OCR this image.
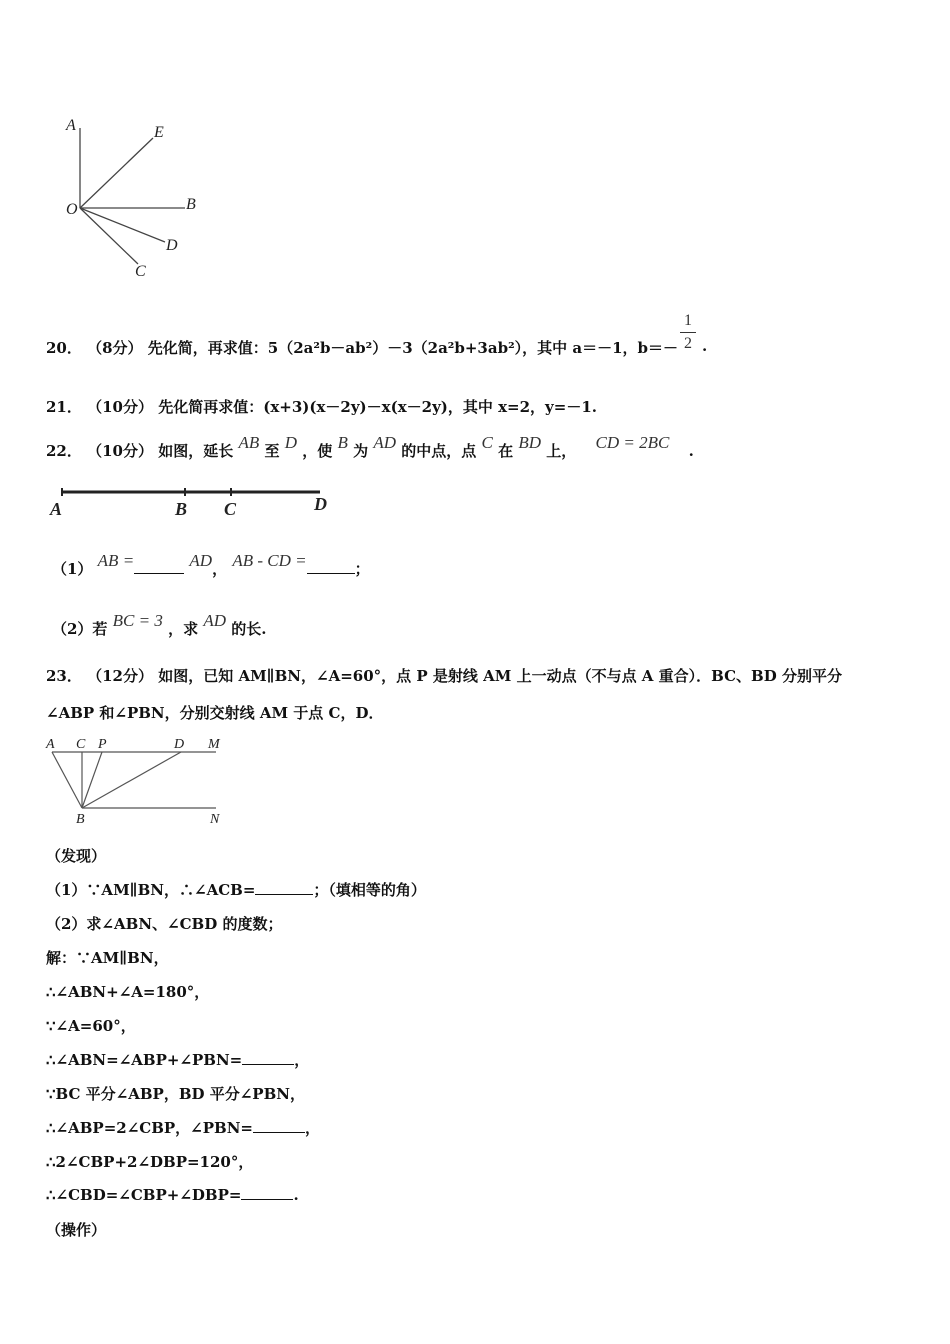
A	E
O	B
D
C
20． （8分） 先化简，再求值：5（2a²b－ab²）－3（2a²b+3ab²），其中 a＝－1，b＝－
1
2 .
21． （10分） 先化简再求值：(x+3)(x－2y)－x(x－2y)，其中 x=2，y=－1.
22． （10分） 如图，延长 AB 至 D ，使 B 为 AD 的中点，点 C 在 BD 上， CD = 2BC .
A	B C	D
（1） AB =	AD， AB - CD =	；
（2）若 BC = 3 ，求 AD 的长.
23． （12分） 如图，已知 AM∥BN，∠A=60°，点 P 是射线 AM 上一动点（不与点 A 重合）．BC、BD 分别平分
∠ABP 和∠PBN，分别交射线 AM 于点 C，D．
A C P	D M
B	N
（发现）
（1）∵AM∥BN，∴∠ACB=	；（填相等的角）
（2）求∠ABN、∠CBD 的度数；
解：∵AM∥BN，
∴∠ABN+∠A=180°，
∵∠A=60°，
∴∠ABN=∠ABP+∠PBN=	，
∵BC 平分∠ABP，BD 平分∠PBN，
∴∠ABP=2∠CBP，∠PBN=	，
∴2∠CBP+2∠DBP=120°，
∴∠CBD=∠CBP+∠DBP=	.
（操作）
